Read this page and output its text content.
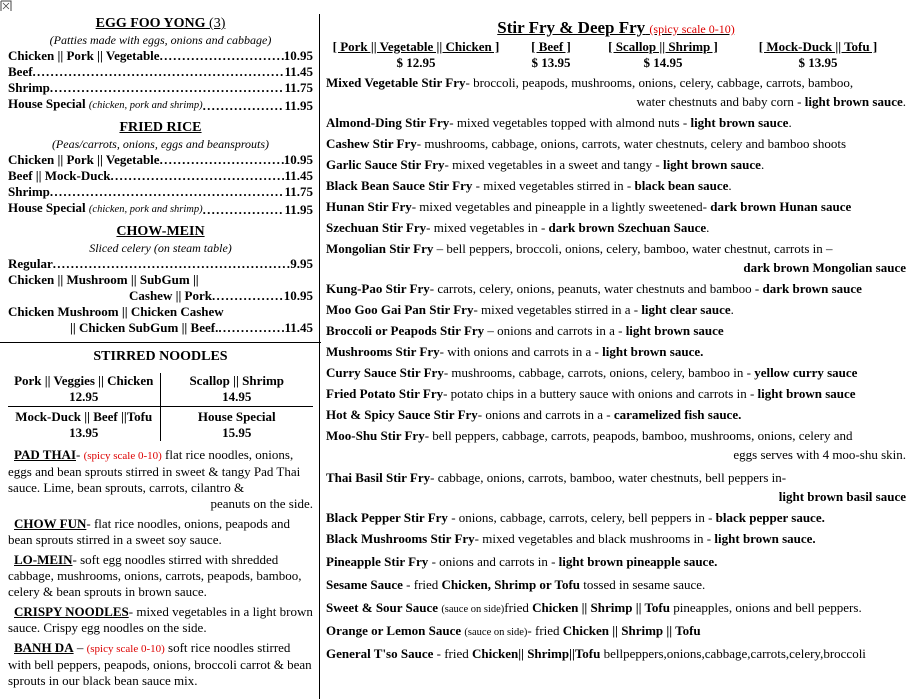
EGG FOO YONG (3)

(Patties made with eggs, onions and cabbage)
Chicken || Pork || Vegetable . . .	10.95
Beef . . .	11.45
Shrimp . . .	11.75
House Special (chicken, pork and shrimp) . . .	11.95

FRIED RICE

(Peas/carrots, onions, eggs and beansprouts)
Chicken || Pork || Vegetable . . .	10.95
Beef || Mock-Duck . . .	11.45
Shrimp . . .	11.75
House Special (chicken, pork and shrimp) . . .	11.95

CHOW-MEIN

Sliced celery (on steam table)
Regular . . .	9.95
Chicken || Mushroom || SubGum ||
Cashew || Pork . . .	10.95
Chicken Mushroom || Chicken Cashew
|| Chicken SubGum || Beef. . . .	11.45

STIRRED NOODLES

Pork || Veggies || Chicken
12.95
Scallop || Shrimp
14.95
Mock-Duck || Beef ||Tofu
13.95
House Special
15.95
PAD THAI- (spicy scale 0-10) flat rice noodles, onions, eggs and bean sprouts stirred in sweet & tangy Pad Thai sauce. Lime, bean sprouts, carrots, cilantro &
peanuts on the side.
CHOW FUN- flat rice noodles, onions, peapods and bean sprouts stirred in a sweet soy sauce.
LO-MEIN- soft egg noodles stirred with shredded cabbage, mushrooms, onions, carrots, peapods, bamboo, celery & bean sprouts in brown sauce.
CRISPY NOODLES- mixed vegetables in a light brown sauce. Crispy egg noodles on the side.
BANH DA – (spicy scale 0-10) soft rice noodles stirred with bell peppers, peapods, onions, broccoli carrot & bean sprouts in our black bean sauce mix.
Stir Fry & Deep Fry (spicy scale 0-10)
[ Pork || Vegetable || Chicken ]	[ Beef ]	[ Scallop || Shrimp ]	[ Mock-Duck || Tofu ]
$ 12.95	$ 13.95	$ 14.95	$ 13.95
Mixed Vegetable Stir Fry- broccoli, peapods, mushrooms, onions, celery, cabbage, carrots, bamboo,
water chestnuts and baby corn - light brown sauce.
Almond-Ding Stir Fry- mixed vegetables topped with almond nuts - light brown sauce.
Cashew Stir Fry- mushrooms, cabbage, onions, carrots, water chestnuts, celery and bamboo shoots
Garlic Sauce Stir Fry- mixed vegetables in a sweet and tangy - light brown sauce.
Black Bean Sauce Stir Fry - mixed vegetables stirred in - black bean sauce.
Hunan Stir Fry- mixed vegetables and pineapple in a lightly sweetened- dark brown Hunan sauce
Szechuan Stir Fry- mixed vegetables in - dark brown Szechuan Sauce.
Mongolian Stir Fry – bell peppers, broccoli, onions, celery, bamboo, water chestnut, carrots in –
dark brown Mongolian sauce
Kung-Pao Stir Fry- carrots, celery, onions, peanuts, water chestnuts and bamboo - dark brown sauce
Moo Goo Gai Pan Stir Fry- mixed vegetables stirred in a - light clear sauce.
Broccoli or Peapods Stir Fry – onions and carrots in a - light brown sauce
Mushrooms Stir Fry- with onions and carrots in a - light brown sauce.
Curry Sauce Stir Fry- mushrooms, cabbage, carrots, onions, celery, bamboo in - yellow curry sauce
Fried Potato Stir Fry- potato chips in a buttery sauce with onions and carrots in - light brown sauce
Hot & Spicy Sauce Stir Fry- onions and carrots in a - caramelized fish sauce.
Moo-Shu Stir Fry- bell peppers, cabbage, carrots, peapods, bamboo, mushrooms, onions, celery and
eggs serves with 4 moo-shu skin.
Thai Basil Stir Fry- cabbage, onions, carrots, bamboo, water chestnuts, bell peppers in-
light brown basil sauce
Black Pepper Stir Fry - onions, cabbage, carrots, celery, bell peppers in - black pepper sauce.
Black Mushrooms Stir Fry- mixed vegetables and black mushrooms in - light brown sauce.
Pineapple Stir Fry - onions and carrots in - light brown pineapple sauce.
Sesame Sauce - fried Chicken, Shrimp or Tofu tossed in sesame sauce.
Sweet & Sour Sauce (sauce on side)fried Chicken || Shrimp || Tofu pineapples, onions and bell peppers.
Orange or Lemon Sauce (sauce on side)- fried Chicken || Shrimp || Tofu
General T'so Sauce - fried Chicken|| Shrimp||Tofu bellpeppers,onions,cabbage,carrots,celery,broccoli
